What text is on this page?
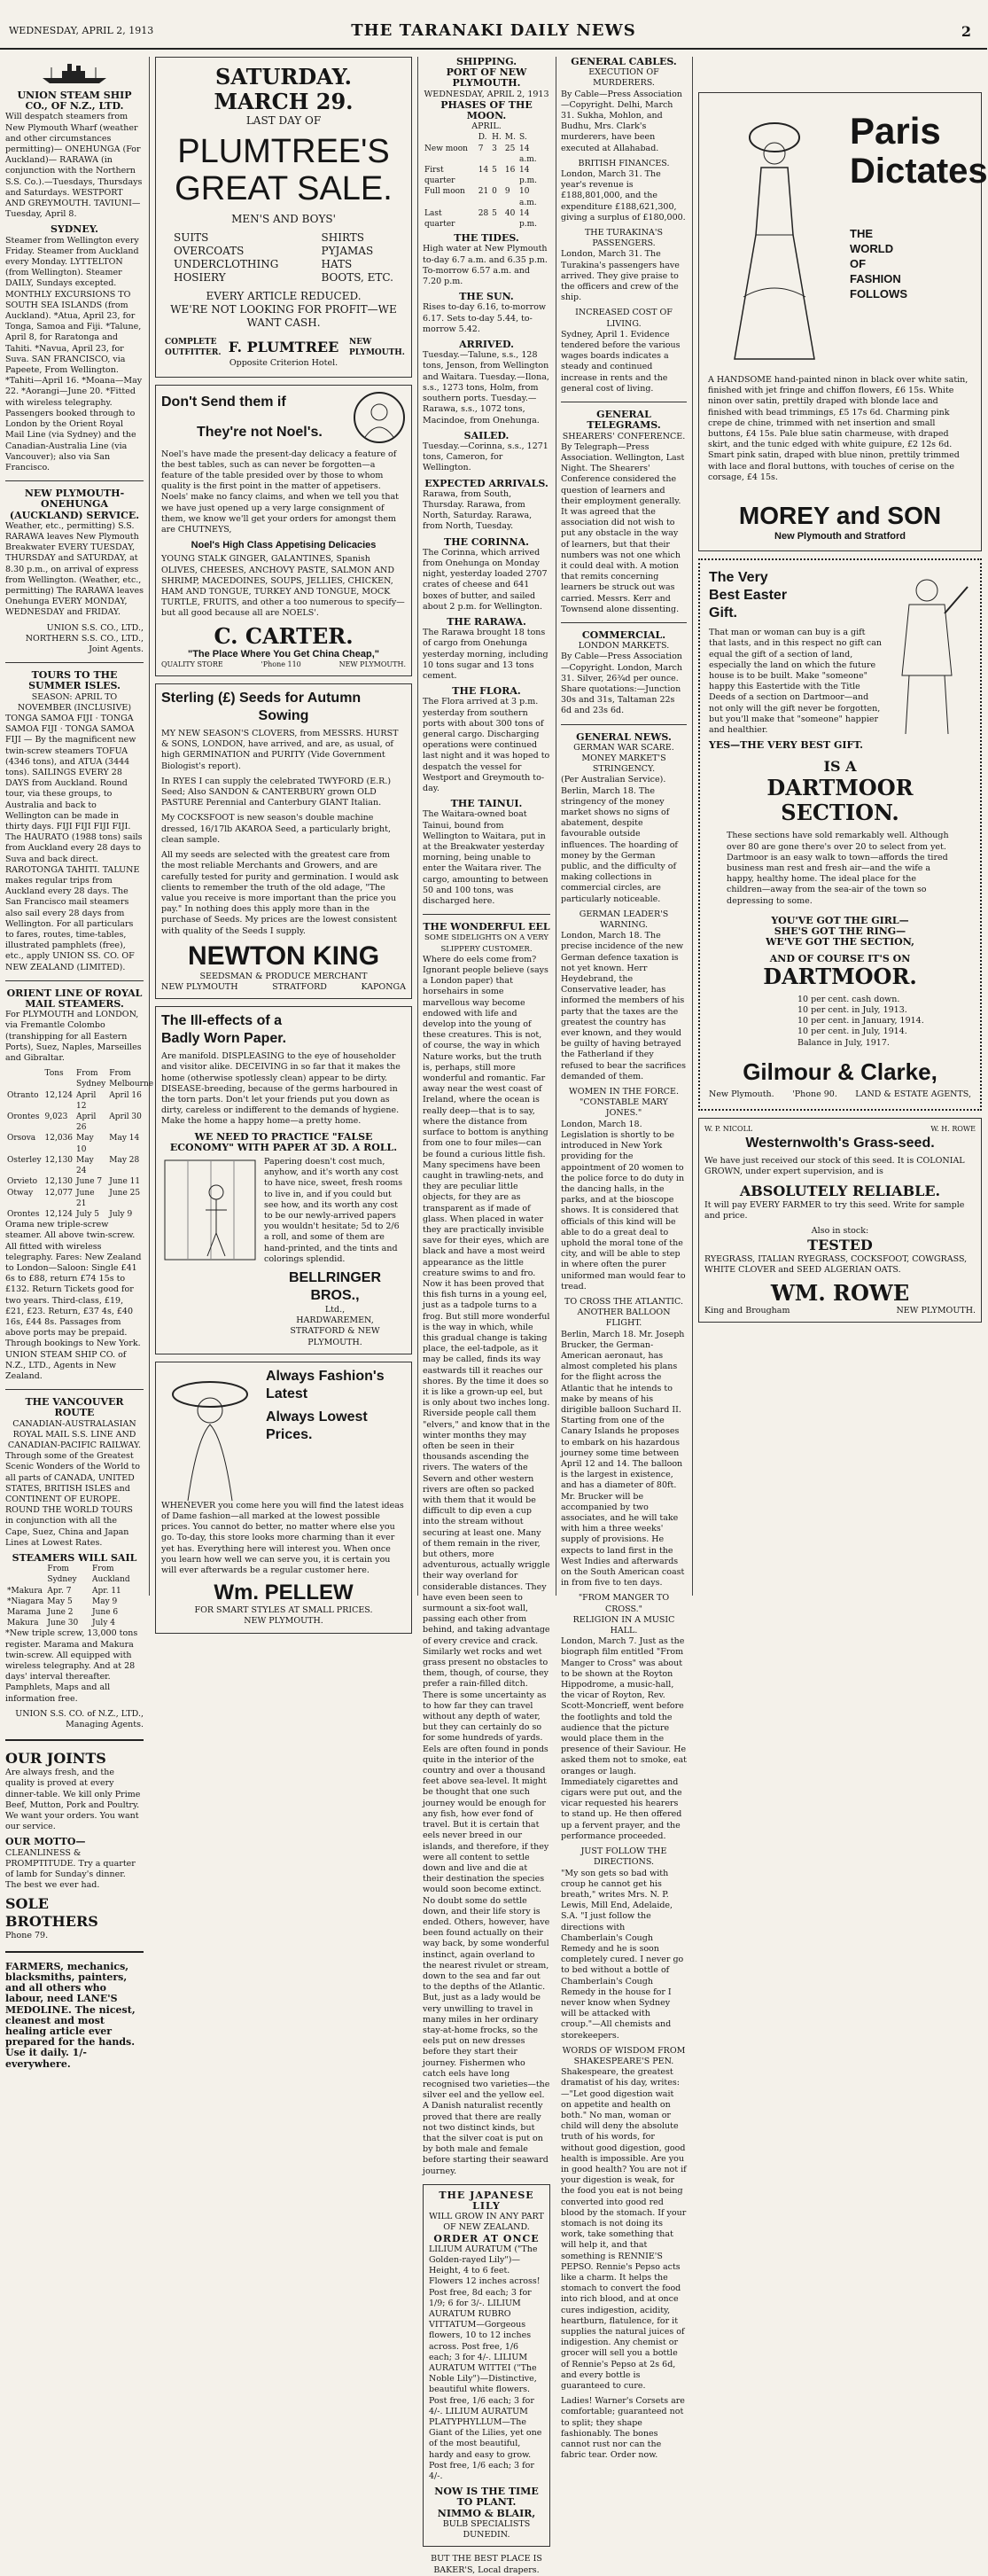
WEDNESDAY, APRIL 2, 1913	THE TARANAKI DAILY NEWS	2
UNION STEAM SHIP CO., OF N.Z., LTD.

Will despatch steamers from New Plymouth Wharf (weather and other circumstances permitting)— ONEHUNGA (For Auckland)— RARAWA (in conjunction with the Northern S.S. Co.).—Tuesdays, Thursdays and Saturdays. WESTPORT AND GREYMOUTH. TAVIUNI—Tuesday, April 8.

SYDNEY.

Steamer from Wellington every Friday. Steamer from Auckland every Monday. LYTTELTON (from Wellington). Steamer DAILY, Sundays excepted. MONTHLY EXCURSIONS TO SOUTH SEA ISLANDS (from Auckland). *Atua, April 23, for Tonga, Samoa and Fiji. *Talune, April 8, for Raratonga and Tahiti. *Navua, April 23, for Suva. SAN FRANCISCO, via Papeete, From Wellington. *Tahiti—April 16. *Moana—May 22. *Aorangi—June 20. *Fitted with wireless telegraphy. Passengers booked through to London by the Orient Royal Mail Line (via Sydney) and the Canadian-Australia Line (via Vancouver); also via San Francisco.

NEW PLYMOUTH-ONEHUNGA (AUCKLAND) SERVICE.

Weather, etc., permitting) S.S. RARAWA leaves New Plymouth Breakwater EVERY TUESDAY, THURSDAY and SATURDAY, at 8.30 p.m., on arrival of express from Wellington. (Weather, etc., permitting) The RARAWA leaves Onehunga EVERY MONDAY, WEDNESDAY and FRIDAY.

UNION S.S. CO., LTD.,
NORTHERN S.S. CO., LTD.,
Joint Agents.
TOURS TO THE SUMMER ISLES.
SEASON: APRIL TO NOVEMBER (INCLUSIVE)

TONGA SAMOA FIJI · TONGA SAMOA FIJI · TONGA SAMOA FIJI — By the magnificent new twin-screw steamers TOFUA (4346 tons), and ATUA (3444 tons). SAILINGS EVERY 28 DAYS from Auckland. Round tour, via these groups, to Australia and back to Wellington can be made in thirty days. FIJI FIJI FIJI FIJI. The HAURATO (1988 tons) sails from Auckland every 28 days to Suva and back direct. RAROTONGA TAHITI. TALUNE makes regular trips from Auckland every 28 days. The San Francisco mail steamers also sail every 28 days from Wellington. For all particulars to fares, routes, time-tables, illustrated pamphlets (free), etc., apply UNION SS. CO. OF NEW ZEALAND (LIMITED).

ORIENT LINE OF ROYAL MAIL STEAMERS.

For PLYMOUTH and LONDON, via Fremantle Colombo (transhipping for all Eastern Ports), Suez, Naples, Marseilles and Gibraltar.

	Tons	From Sydney	From Melbourne
Otranto	12,124	April 12	April 16
Orontes	9,023	April 26	April 30
Orsova	12,036	May 10	May 14
Osterley	12,130	May 24	May 28
Orvieto	12,130	June 7	June 11
Otway	12,077	June 21	June 25
Orontes	12,124	July 5	July 9

Orama new triple-screw steamer. All above twin-screw. All fitted with wireless telegraphy. Fares: New Zealand to London—Saloon: Single £41 6s to £88, return £74 15s to £132. Return Tickets good for two years. Third-class, £19, £21, £23. Return, £37 4s, £40 16s, £44 8s. Passages from above ports may be prepaid. Through bookings to New York. UNION STEAM SHIP CO. of N.Z., LTD., Agents in New Zealand.

THE VANCOUVER ROUTE
CANADIAN-AUSTRALASIAN ROYAL MAIL S.S. LINE AND CANADIAN-PACIFIC RAILWAY.

Through some of the Greatest Scenic Wonders of the World to all parts of CANADA, UNITED STATES, BRITISH ISLES and CONTINENT OF EUROPE. ROUND THE WORLD TOURS in conjunction with all the Cape, Suez, China and Japan Lines at Lowest Rates.

STEAMERS WILL SAIL
	From Sydney	From Auckland
*Makura	Apr. 7	Apr. 11
*Niagara	May 5	May 9
Marama	June 2	June 6
Makura	June 30	July 4

*New triple screw, 13,000 tons register. Marama and Makura twin-screw. All equipped with wireless telegraphy. And at 28 days' interval thereafter. Pamphlets, Maps and all information free.

UNION S.S. CO. of N.Z., LTD.,
Managing Agents.
OUR JOINTS

Are always fresh, and the quality is proved at every dinner-table. We kill only Prime Beef, Mutton, Pork and Poultry. We want your orders. You want our service.

OUR MOTTO—

CLEANLINESS & PROMPTITUDE. Try a quarter of lamb for Sunday's dinner. The best we ever had.

SOLE BROTHERS
Phone 79.

FARMERS, mechanics, blacksmiths, painters, and all others who labour, need LANE'S MEDOLINE. The nicest, cleanest and most healing article ever prepared for the hands. Use it daily. 1/- everywhere.

SATURDAY. MARCH 29.
LAST DAY OF
PLUMTREE'S
GREAT SALE.
MEN'S AND BOYS'
SUITS
OVERCOATS
UNDERCLOTHING
HOSIERY
SHIRTS
PYJAMAS
HATS
BOOTS, ETC.
EVERY ARTICLE REDUCED.
WE'RE NOT LOOKING FOR PROFIT—WE WANT CASH.
COMPLETE OUTFITTER. F. PLUMTREE NEW PLYMOUTH.
Opposite Criterion Hotel.
Don't Send them if
They're not Noel's.

Noel's have made the present-day delicacy a feature of the best tables, such as can never be forgotten—a feature of the table presided over by those to whom quality is the first point in the matter of appetisers. Noels' make no fancy claims, and when we tell you that we have just opened up a very large consignment of them, we know we'll get your orders for amongst them are CHUTNEYS,

Noel's High Class Appetising Delicacies

YOUNG STALK GINGER, GALANTINES, Spanish OLIVES, CHEESES, ANCHOVY PASTE, SALMON AND SHRIMP, MACEDOINES, SOUPS, JELLIES, CHICKEN, HAM AND TONGUE, TURKEY AND TONGUE, MOCK TURTLE, FRUITS, and other a too numerous to specify—but all good because all are NOELS'.

C. CARTER.
"The Place Where You Get China Cheap,"
QUALITY STORE	'Phone 110	NEW PLYMOUTH.
Sterling (£) Seeds for Autumn
Sowing

MY NEW SEASON'S CLOVERS, from MESSRS. HURST & SONS, LONDON, have arrived, and are, as usual, of high GERMINATION and PURITY (Vide Government Biologist's report).

In RYES I can supply the celebrated TWYFORD (E.R.) Seed; Also SANDON & CANTERBURY grown OLD PASTURE Perennial and Canterbury GIANT Italian.

My COCKSFOOT is new season's double machine dressed, 16/17lb AKAROA Seed, a particularly bright, clean sample.

All my seeds are selected with the greatest care from the most reliable Merchants and Growers, and are carefully tested for purity and germination. I would ask clients to remember the truth of the old adage, "The value you receive is more important than the price you pay." In nothing does this apply more than in the purchase of Seeds. My prices are the lowest consistent with quality of the Seeds I supply.

NEWTON KING
SEEDSMAN & PRODUCE MERCHANT
NEW PLYMOUTH	STRATFORD	KAPONGA
The Ill-effects of a
Badly Worn Paper.

Are manifold. DISPLEASING to the eye of householder and visitor alike. DECEIVING in so far that it makes the home (otherwise spotlessly clean) appear to be dirty. DISEASE-breeding, because of the germs harboured in the torn parts. Don't let your friends put you down as dirty, careless or indifferent to the demands of hygiene. Make the home a happy home—a pretty home.

WE NEED TO PRACTICE "FALSE ECONOMY" WITH PAPER AT 3D. A ROLL.

Papering doesn't cost much, anyhow, and it's worth any cost to have nice, sweet, fresh rooms to live in, and if you could but see how, and its worth any cost to be our newly-arrived papers you wouldn't hesitate; 5d to 2/6 a roll, and some of them are hand-printed, and the tints and colorings splendid.

BELLRINGER BROS.,
Ltd.,
HARDWAREMEN,
STRATFORD & NEW PLYMOUTH.
Always Fashion's Latest
Always Lowest Prices.

WHENEVER you come here you will find the latest ideas of Dame fashion—all marked at the lowest possible prices. You cannot do better, no matter where else you go. To-day, this store looks more charming than it ever yet has. Everything here will interest you. When once you learn how well we can serve you, it is certain you will ever afterwards be a regular customer here.

Wm. PELLEW
FOR SMART STYLES AT SMALL PRICES.
NEW PLYMOUTH.
SHIPPING.
PORT OF NEW PLYMOUTH.
WEDNESDAY, APRIL 2, 1913
PHASES OF THE MOON.
APRIL.
	D.	H.	M.	S.
New moon	7	3	25	14 a.m.
First quarter	14	5	16	14 p.m.
Full moon	21	0	9	10 a.m.
Last quarter	28	5	40	14 p.m.
THE TIDES.

High water at New Plymouth to-day 6.7 a.m. and 6.35 p.m. To-morrow 6.57 a.m. and 7.20 p.m.

THE SUN.

Rises to-day 6.16, to-morrow 6.17. Sets to-day 5.44, to-morrow 5.42.

ARRIVED.

Tuesday.—Talune, s.s., 128 tons, Jenson, from Wellington and Waitara. Tuesday.—Ilona, s.s., 1273 tons, Holm, from southern ports. Tuesday.—Rarawa, s.s., 1072 tons, Macindoe, from Onehunga.

SAILED.

Tuesday.—Corinna, s.s., 1271 tons, Cameron, for Wellington.

EXPECTED ARRIVALS.

Rarawa, from South, Thursday. Rarawa, from North, Saturday. Rarawa, from North, Tuesday.

THE CORINNA.

The Corinna, which arrived from Onehunga on Monday night, yesterday loaded 2707 crates of cheese and 641 boxes of butter, and sailed about 2 p.m. for Wellington.

THE RARAWA.

The Rarawa brought 18 tons of cargo from Onehunga yesterday morning, including 10 tons sugar and 13 tons cement.

THE FLORA.

The Flora arrived at 3 p.m. yesterday from southern ports with about 300 tons of general cargo. Discharging operations were continued last night and it was hoped to despatch the vessel for Westport and Greymouth to-day.

THE TAINUI.

The Waitara-owned boat Tainui, bound from Wellington to Waitara, put in at the Breakwater yesterday morning, being unable to enter the Waitara river. The cargo, amounting to between 50 and 100 tons, was discharged here.

THE WONDERFUL EEL
SOME SIDELIGHTS ON A VERY SLIPPERY CUSTOMER.

Where do eels come from? Ignorant people believe (says a London paper) that horsehairs in some marvellous way become endowed with life and develop into the young of these creatures. This is not, of course, the way in which Nature works, but the truth is, perhaps, still more wonderful and romantic. Far away near the west coast of Ireland, where the ocean is really deep—that is to say, where the distance from surface to bottom is anything from one to four miles—can be found a curious little fish. Many specimens have been caught in trawling-nets, and they are peculiar little objects, for they are as transparent as if made of glass. When placed in water they are practically invisible save for their eyes, which are black and have a most weird appearance as the little creature swims to and fro. Now it has been proved that this fish turns in a young eel, just as a tadpole turns to a frog. But still more wonderful is the way in which, while this gradual change is taking place, the eel-tadpole, as it may be called, finds its way eastwards till it reaches our shores. By the time it does so it is like a grown-up eel, but is only about two inches long. Riverside people call them "elvers," and know that in the winter months they may often be seen in their thousands ascending the rivers. The waters of the Severn and other western rivers are often so packed with them that it would be difficult to dip even a cup into the stream without securing at least one. Many of them remain in the river, but others, more adventurous, actually wriggle their way overland for considerable distances. They have even been seen to surmount a six-foot wall, passing each other from behind, and taking advantage of every crevice and crack. Similarly wet rocks and wet grass present no obstacles to them, though, of course, they prefer a rain-filled ditch. There is some uncertainty as to how far they can travel without any depth of water, but they can certainly do so for some hundreds of yards. Eels are often found in ponds quite in the interior of the country and over a thousand feet above sea-level. It might be thought that one such journey would be enough for any fish, how ever fond of travel. But it is certain that eels never breed in our islands, and therefore, if they were all content to settle down and live and die at their destination the species would soon become extinct. No doubt some do settle down, and their life story is ended. Others, however, have been found actually on their way back, by some wonderful instinct, again overland to the nearest rivulet or stream, down to the sea and far out to the depths of the Atlantic. But, just as a lady would be very unwilling to travel in many miles in her ordinary stay-at-home frocks, so the eels put on new dresses before they start their journey. Fishermen who catch eels have long recognised two varieties—the silver eel and the yellow eel. A Danish naturalist recently proved that there are really not two distinct kinds, but that the silver coat is put on by both male and female before starting their seaward journey.

THE JAPANESE LILY
WILL GROW IN ANY PART OF NEW ZEALAND.
ORDER AT ONCE

LILIUM AURATUM ("The Golden-rayed Lily")—Height, 4 to 6 feet. Flowers 12 inches across! Post free, 8d each; 3 for 1/9; 6 for 3/-. LILIUM AURATUM RUBRO VITTATUM—Gorgeous flowers, 10 to 12 inches across. Post free, 1/6 each; 3 for 4/-. LILIUM AURATUM WITTEI ("The Noble Lily")—Distinctive, beautiful white flowers. Post free, 1/6 each; 3 for 4/-. LILIUM AURATUM PLATYPHYLLUM—The Giant of the Lilies, yet one of the most beautiful, hardy and easy to grow. Post free, 1/6 each; 3 for 4/-.

NOW IS THE TIME TO PLANT.
NIMMO & BLAIR,
BULB SPECIALISTS DUNEDIN.
BUT THE BEST PLACE IS BAKER'S, Local drapers.
GENERAL CABLES.
EXECUTION OF MURDERERS.

By Cable—Press Association—Copyright. Delhi, March 31. Sukha, Mohlon, and Budhu, Mrs. Clark's murderers, have been executed at Allahabad.

BRITISH FINANCES.

London, March 31. The year's revenue is £188,801,000, and the expenditure £188,621,300, giving a surplus of £180,000.

THE TURAKINA'S PASSENGERS.

London, March 31. The Turakina's passengers have arrived. They give praise to the officers and crew of the ship.

INCREASED COST OF LIVING.

Sydney, April 1. Evidence tendered before the various wages boards indicates a steady and continued increase in rents and the general cost of living.

GENERAL TELEGRAMS.
SHEARERS' CONFERENCE.

By Telegraph—Press Association. Wellington, Last Night. The Shearers' Conference considered the question of learners and their employment generally. It was agreed that the association did not wish to put any obstacle in the way of learners, but that their numbers was not one which it could deal with. A motion that remits concerning learners be struck out was carried. Messrs. Kerr and Townsend alone dissenting.

COMMERCIAL.
LONDON MARKETS.

By Cable—Press Association—Copyright. London, March 31. Silver, 26¾d per ounce. Share quotations:—Junction 30s and 31s, Taltaman 22s 6d and 23s 6d.

GENERAL NEWS.
GERMAN WAR SCARE.
MONEY MARKET'S STRINGENCY.

(Per Australian Service). Berlin, March 18. The stringency of the money market shows no signs of abatement, despite favourable outside influences. The hoarding of money by the German public, and the difficulty of making collections in commercial circles, are particularly noticeable.

GERMAN LEADER'S WARNING.

London, March 18. The precise incidence of the new German defence taxation is not yet known. Herr Heydebrand, the Conservative leader, has informed the members of his party that the taxes are the greatest the country has ever known, and they would be guilty of having betrayed the Fatherland if they refused to bear the sacrifices demanded of them.

WOMEN IN THE FORCE.
"CONSTABLE MARY JONES."

London, March 18. Legislation is shortly to be introduced in New York providing for the appointment of 20 women to the police force to do duty in the dancing halls, in the parks, and at the bioscope shows. It is considered that officials of this kind will be able to do a great deal to uphold the moral tone of the city, and will be able to step in where often the purer uniformed man would fear to tread.

TO CROSS THE ATLANTIC.
ANOTHER BALLOON FLIGHT.

Berlin, March 18. Mr. Joseph Brucker, the German-American aeronaut, has almost completed his plans for the flight across the Atlantic that he intends to make by means of his dirigible balloon Suchard II. Starting from one of the Canary Islands he proposes to embark on his hazardous journey some time between April 12 and 14. The balloon is the largest in existence, and has a diameter of 80ft. Mr. Brucker will be accompanied by two associates, and he will take with him a three weeks' supply of provisions. He expects to land first in the West Indies and afterwards on the South American coast in from five to ten days.

"FROM MANGER TO CROSS."
RELIGION IN A MUSIC HALL.

London, March 7. Just as the biograph film entitled "From Manger to Cross" was about to be shown at the Royton Hippodrome, a music-hall, the vicar of Royton, Rev. Scott-Moncrieff, went before the footlights and told the audience that the picture would place them in the presence of their Saviour. He asked them not to smoke, eat oranges or laugh. Immediately cigarettes and cigars were put out, and the vicar requested his hearers to stand up. He then offered up a fervent prayer, and the performance proceeded.

JUST FOLLOW THE DIRECTIONS.

"My son gets so bad with croup he cannot get his breath," writes Mrs. N. P. Lewis, Mill End, Adelaide, S.A. "I just follow the directions with Chamberlain's Cough Remedy and he is soon completely cured. I never go to bed without a bottle of Chamberlain's Cough Remedy in the house for I never know when Sydney will be attacked with croup."—All chemists and storekeepers.

WORDS OF WISDOM FROM SHAKESPEARE'S PEN.

Shakespeare, the greatest dramatist of his day, writes:—"Let good digestion wait on appetite and health on both." No man, woman or child will deny the absolute truth of his words, for without good digestion, good health is impossible. Are you in good health? You are not if your digestion is weak, for the food you eat is not being converted into good red blood by the stomach. If your stomach is not doing its work, take something that will help it, and that something is RENNIE'S PEPSO. Rennie's Pepso acts like a charm. It helps the stomach to convert the food into rich blood, and at once cures indigestion, acidity, heartburn, flatulence, for it supplies the natural juices of indigestion. Any chemist or grocer will sell you a bottle of Rennie's Pepso at 2s 6d, and every bottle is guaranteed to cure.

Ladies! Warner's Corsets are comfortable; guaranteed not to split; they shape fashionably. The bones cannot rust nor can the fabric tear. Order now.

Paris
Dictates
THE
WORLD
OF
FASHION
FOLLOWS

A HANDSOME hand-painted ninon in black over white satin, finished with jet fringe and chiffon flowers, £6 15s. White ninon over satin, prettily draped with blonde lace and finished with bead trimmings, £5 17s 6d. Charming pink crepe de chine, trimmed with net insertion and small buttons, £4 15s. Pale blue satin charmeuse, with draped skirt, and the tunic edged with white guipure, £2 12s 6d. Smart pink satin, draped with blue ninon, prettily trimmed with lace and floral buttons, with touches of cerise on the corsage, £4 15s.

MOREY and SON
New Plymouth and Stratford
The Very
Best Easter
Gift.

That man or woman can buy is a gift that lasts, and in this respect no gift can equal the gift of a section of land, especially the land on which the future house is to be built. Make "someone" happy this Eastertide with the Title Deeds of a section on Dartmoor—and not only will the gift never be forgotten, but you'll make that "someone" happier and healthier.

YES—THE VERY BEST GIFT.
IS A
DARTMOOR SECTION.

These sections have sold remarkably well. Although over 80 are gone there's over 20 to select from yet. Dartmoor is an easy walk to town—affords the tired business man rest and fresh air—and the wife a happy, healthy home. The ideal place for the children—away from the sea-air of the town so depressing to some.

YOU'VE GOT THE GIRL—
SHE'S GOT THE RING—
WE'VE GOT THE SECTION,
AND OF COURSE IT'S ON
DARTMOOR.
10 per cent. cash down.
10 per cent. in July, 1913.
10 per cent. in January, 1914.
10 per cent. in July, 1914.
Balance in July, 1917.
Gilmour & Clarke,
New Plymouth. 'Phone 90. LAND & ESTATE AGENTS,
W. P. NICOLL	W. H. ROWE
Westernwolth's Grass-seed.

We have just received our stock of this seed. It is COLONIAL GROWN, under expert supervision, and is

ABSOLUTELY RELIABLE.

It will pay EVERY FARMER to try this seed. Write for sample and price.

Also in stock:
TESTED

RYEGRASS, ITALIAN RYEGRASS, COCKSFOOT, COWGRASS, WHITE CLOVER and SEED ALGERIAN OATS.

WM. ROWE
King and Brougham	NEW PLYMOUTH.
